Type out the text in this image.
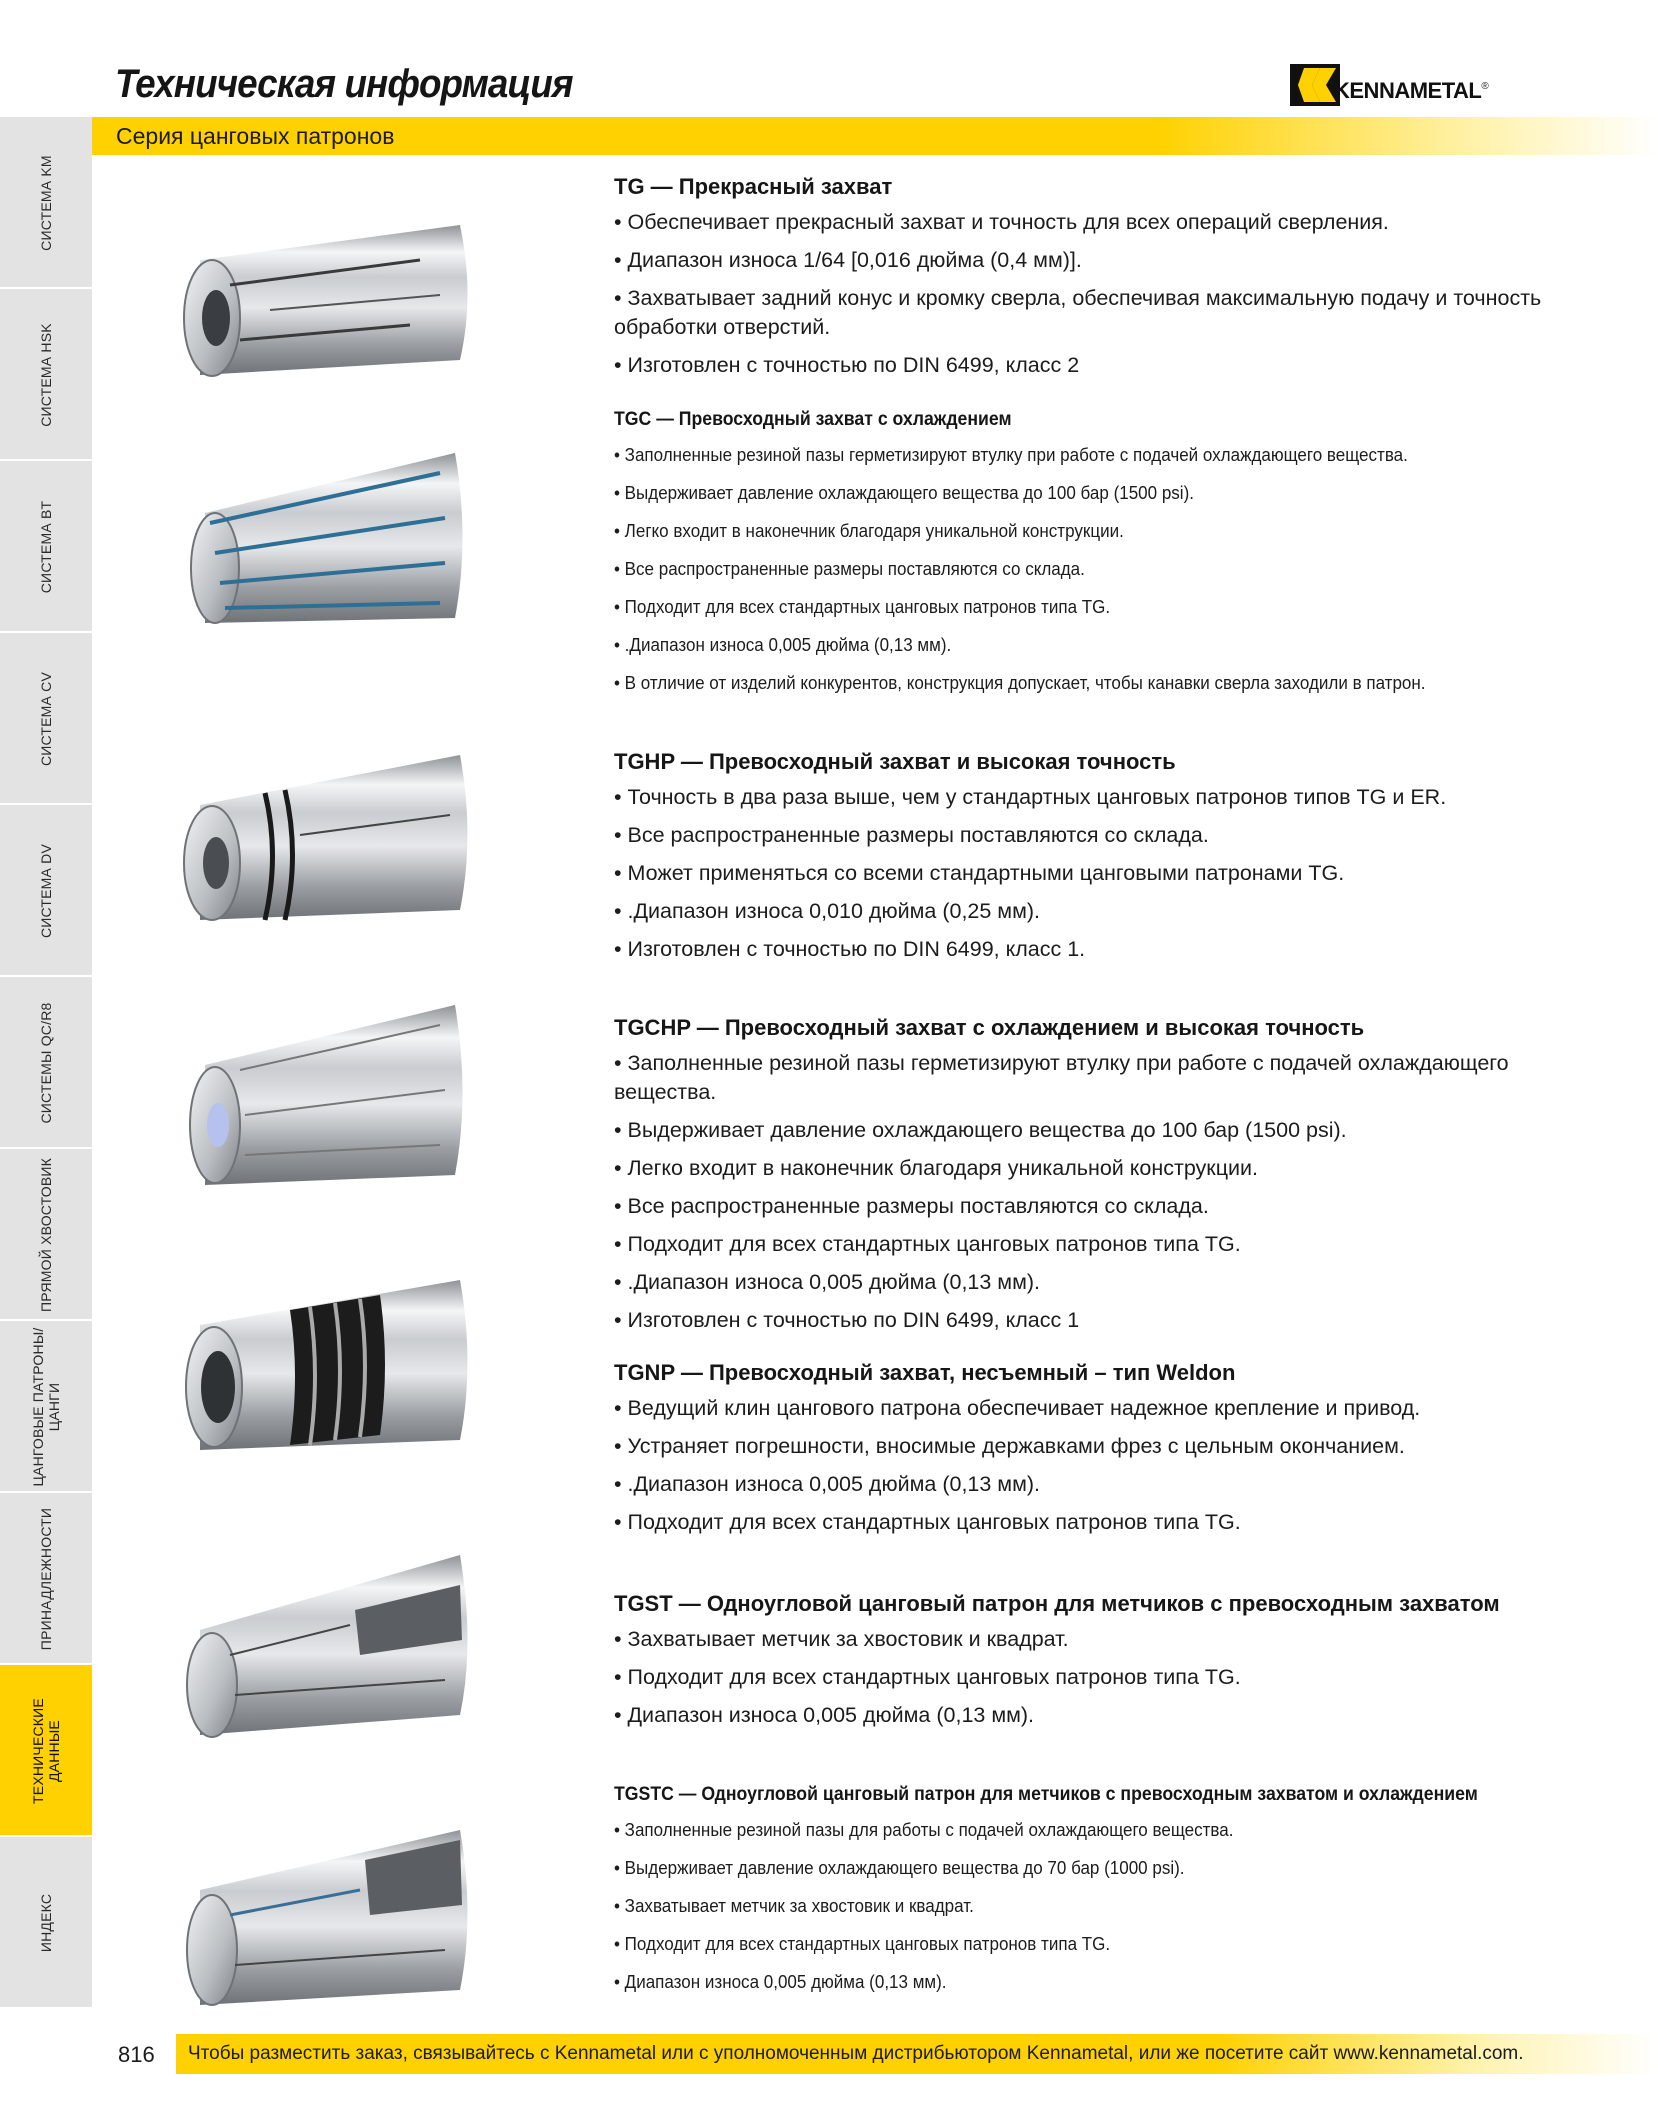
Техническая информация	KENNAMETAL ®
Серия цанговых патронов
СИСТЕМА KM
СИСТЕМА HSK
СИСТЕМА BT
СИСТЕМА CV
СИСТЕМА DV
СИСТЕМЫ QC/R8
ПРЯМОЙ ХВОСТОВИК
ЦАНГОВЫЕ ПАТРОНЫ/ЦАНГИ
ПРИНАДЛЕЖНОСТИ
ТЕХНИЧЕСКИЕ ДАННЫЕ
ИНДЕКС
TG — Прекрасный захват
• Обеспечивает прекрасный захват и точность для всех операций сверления.
• Диапазон износа 1/64 [0,016 дюйма (0,4 мм)].
• Захватывает задний конус и кромку сверла, обеспечивая максимальную подачу и точность обработки отверстий.
• Изготовлен с точностью по DIN 6499, класс 2
TGC — Превосходный захват с охлаждением
• Заполненные резиной пазы герметизируют втулку при работе с подачей охлаждающего вещества.
• Выдерживает давление охлаждающего вещества до 100 бар (1500 psi).
• Легко входит в наконечник благодаря уникальной конструкции.
• Все распространенные размеры поставляются со склада.
• Подходит для всех стандартных цанговых патронов типа TG.
• .Диапазон износа 0,005 дюйма (0,13 мм).
• В отличие от изделий конкурентов, конструкция допускает, чтобы канавки сверла заходили в патрон.
TGHP — Превосходный захват и высокая точность
• Точность в два раза выше, чем у стандартных цанговых патронов типов TG и ER.
• Все распространенные размеры поставляются со склада.
• Может применяться со всеми стандартными цанговыми патронами TG.
• .Диапазон износа 0,010 дюйма (0,25 мм).
• Изготовлен с точностью по DIN 6499, класс 1.
TGCHP — Превосходный захват с охлаждением и высокая точность
• Заполненные резиной пазы герметизируют втулку при работе с подачей охлаждающего вещества.
• Выдерживает давление охлаждающего вещества до 100 бар (1500 psi).
• Легко входит в наконечник благодаря уникальной конструкции.
• Все распространенные размеры поставляются со склада.
• Подходит для всех стандартных цанговых патронов типа TG.
• .Диапазон износа 0,005 дюйма (0,13 мм).
• Изготовлен с точностью по DIN 6499, класс 1
TGNP — Превосходный захват, несъемный – тип Weldon
• Ведущий клин цангового патрона обеспечивает надежное крепление и привод.
• Устраняет погрешности, вносимые державками фрез с цельным окончанием.
• .Диапазон износа 0,005 дюйма (0,13 мм).
• Подходит для всех стандартных цанговых патронов типа TG.
TGST — Одноугловой цанговый патрон для метчиков с превосходным захватом
• Захватывает метчик за хвостовик и квадрат.
• Подходит для всех стандартных цанговых патронов типа TG.
• Диапазон износа 0,005 дюйма (0,13 мм).
TGSTC — Одноугловой цанговый патрон для метчиков с превосходным захватом и охлаждением
• Заполненные резиной пазы для работы с подачей охлаждающего вещества.
• Выдерживает давление охлаждающего вещества до 70 бар (1000 psi).
• Захватывает метчик за хвостовик и квадрат.
• Подходит для всех стандартных цанговых патронов типа TG.
• Диапазон износа 0,005 дюйма (0,13 мм).
816 Чтобы разместить заказ, связывайтесь с Kennametal или с уполномоченным дистрибьютором Kennametal, или же посетите сайт www.kennametal.com.
